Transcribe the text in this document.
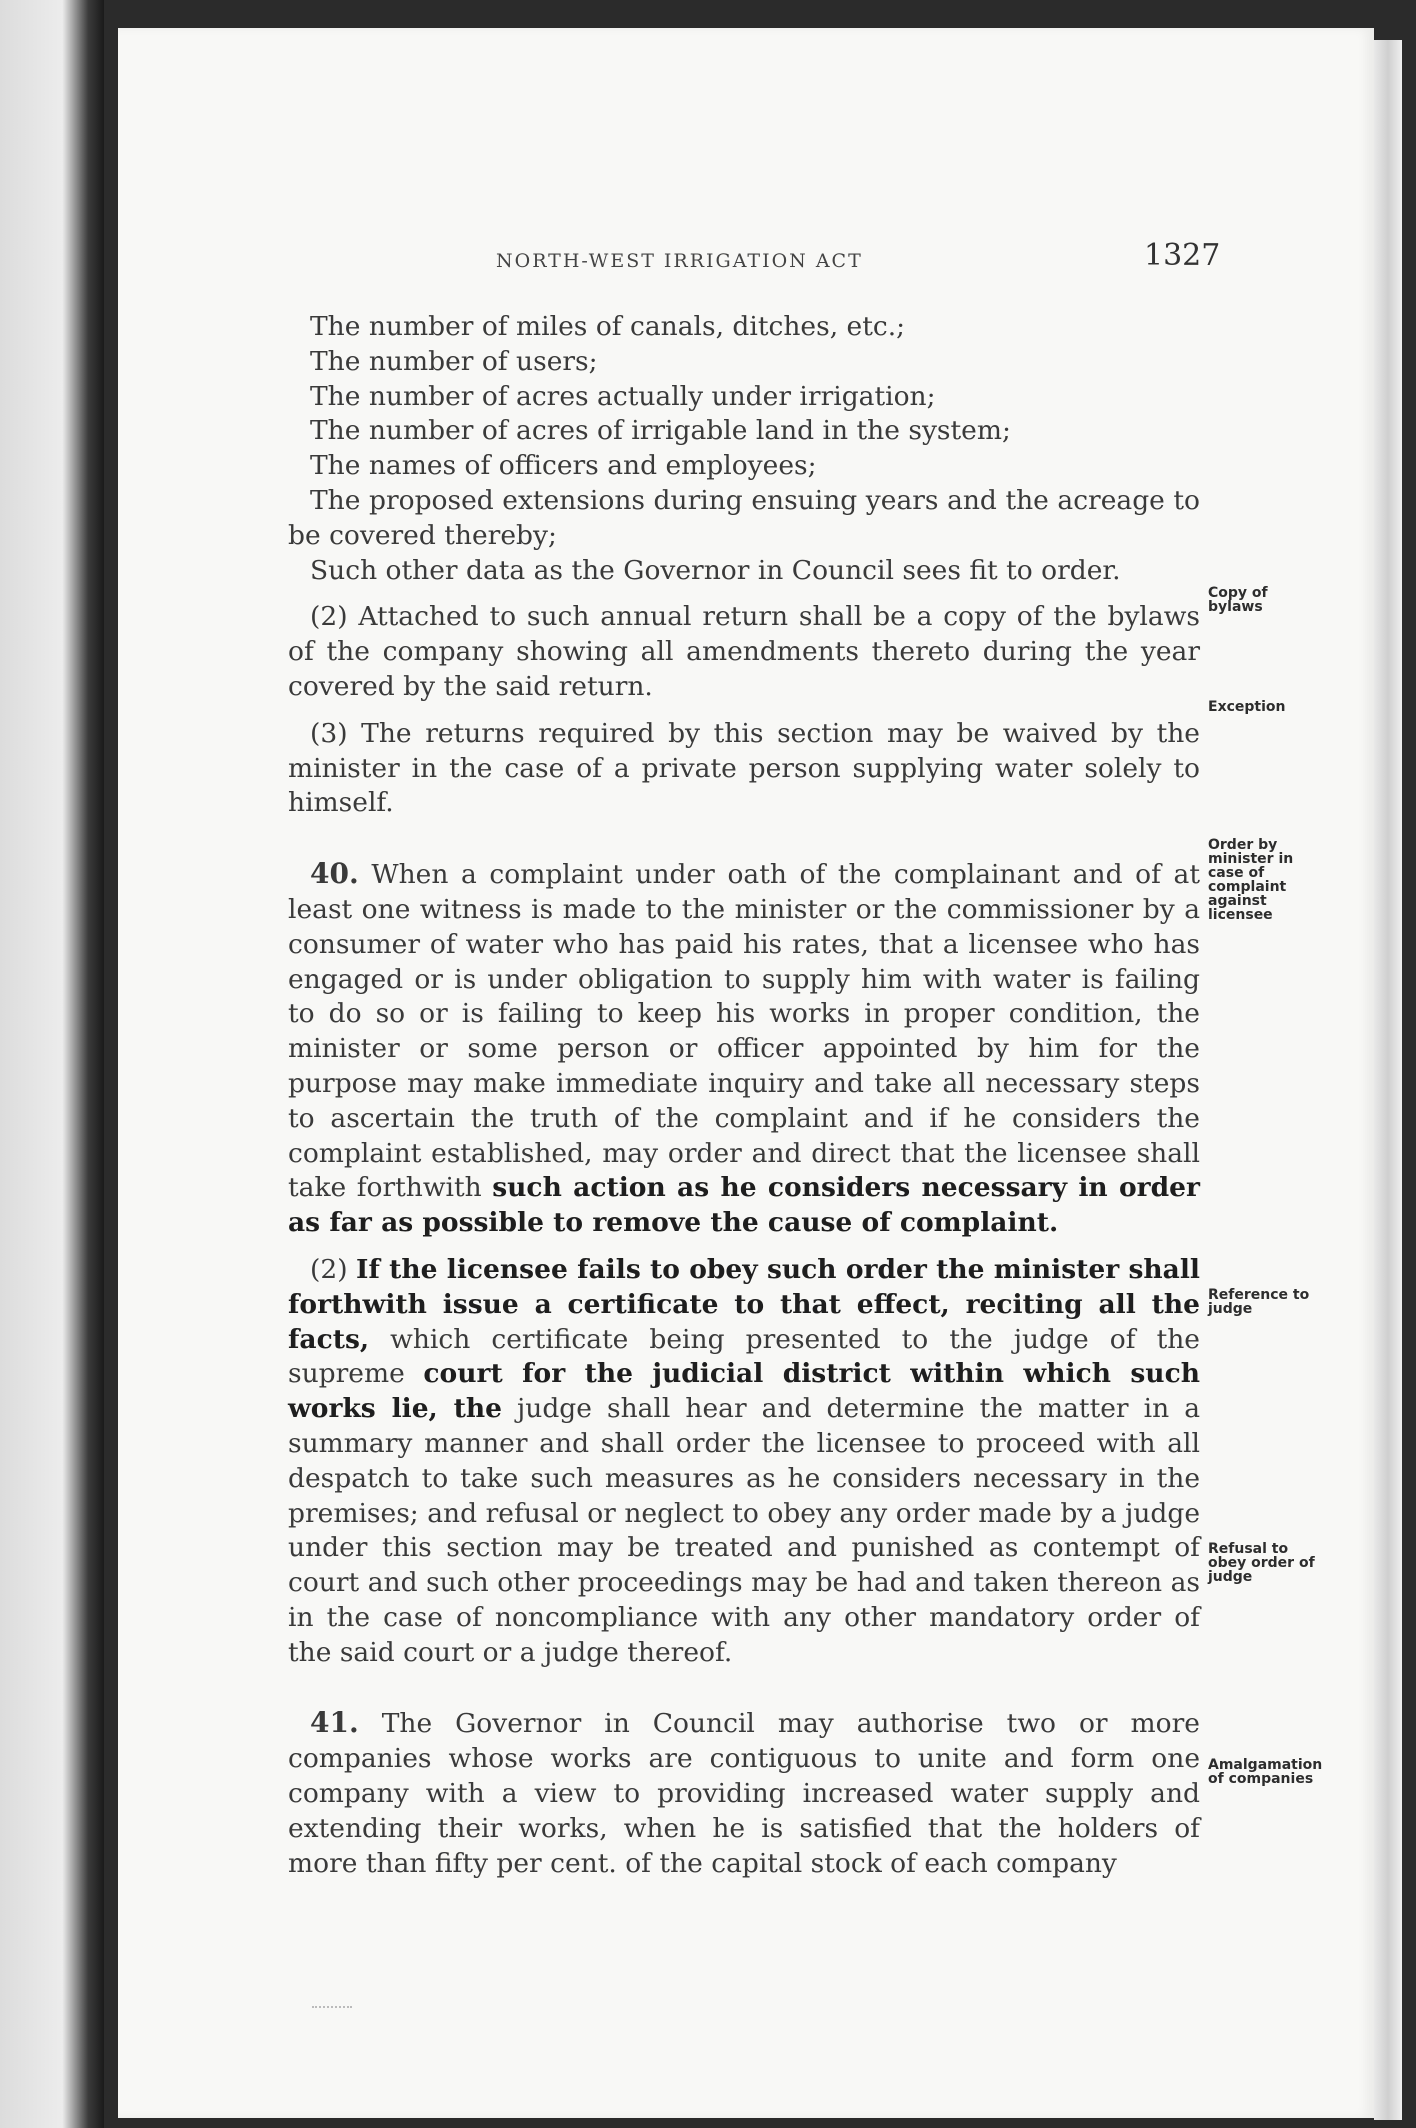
NORTH-WEST IRRIGATION ACT	1327
The number of miles of canals, ditches, etc.;
The number of users;
The number of acres actually under irrigation;
The number of acres of irrigable land in the system;
The names of officers and employees;

The proposed extensions during ensuing years and the acreage to be covered thereby;

Such other data as the Governor in Council sees fit to order.

(2) Attached to such annual return shall be a copy of the bylaws of the company showing all amendments thereto during the year covered by the said return.

(3) The returns required by this section may be waived by the minister in the case of a private person supplying water solely to himself.

40. When a complaint under oath of the complainant and of at least one witness is made to the minister or the commissioner by a consumer of water who has paid his rates, that a licensee who has engaged or is under obligation to supply him with water is failing to do so or is failing to keep his works in proper condition, the minister or some person or officer appointed by him for the purpose may make immediate inquiry and take all necessary steps to ascertain the truth of the complaint and if he considers the complaint established, may order and direct that the licensee shall take forthwith such action as he considers necessary in order as far as possible to remove the cause of complaint.

(2) If the licensee fails to obey such order the minister shall forthwith issue a certificate to that effect, reciting all the facts, which certificate being presented to the judge of the supreme court for the judicial district within which such works lie, the judge shall hear and determine the matter in a summary manner and shall order the licensee to proceed with all despatch to take such measures as he considers necessary in the premises; and refusal or neglect to obey any order made by a judge under this section may be treated and punished as contempt of court and such other proceedings may be had and taken thereon as in the case of noncompliance with any other mandatory order of the said court or a judge thereof.

41. The Governor in Council may authorise two or more companies whose works are contiguous to unite and form one company with a view to providing increased water supply and extending their works, when he is satisfied that the holders of more than fifty per cent. of the capital stock of each company

Copy of bylaws
Exception
Order by minister in case of complaint against licensee
Reference to judge
Refusal to obey order of judge
Amalgamation of companies
